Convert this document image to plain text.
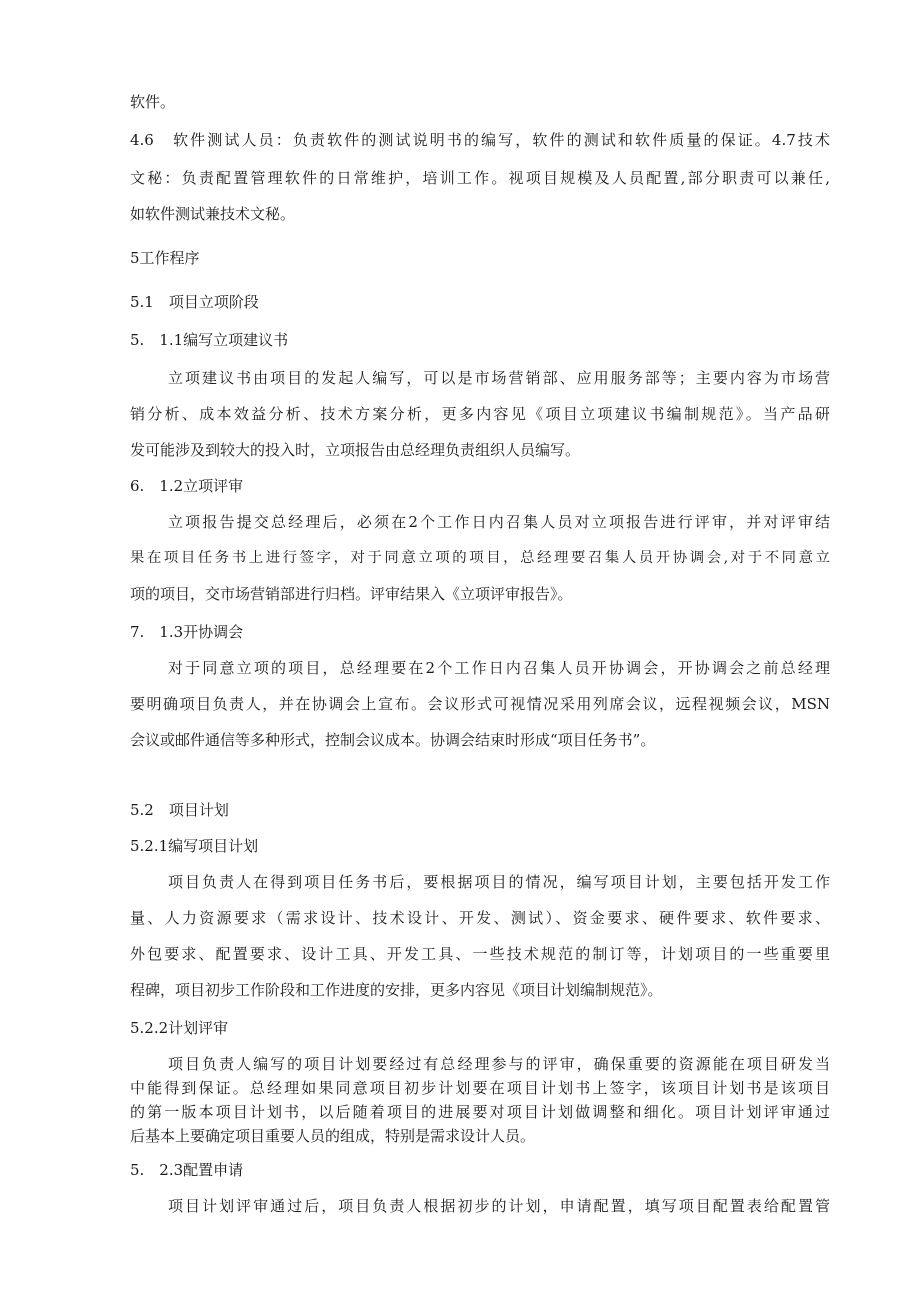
软件。
4.6　软件测试人员：负责软件的测试说明书的编写，软件的测试和软件质量的保证。4.7技术
文秘：负责配置管理软件的日常维护，培训工作。视项目规模及人员配置,部分职责可以兼任,
如软件测试兼技术文秘。
5工作程序
5.1　项目立项阶段
5.　1.1编写立项建议书
立项建议书由项目的发起人编写，可以是市场营销部、应用服务部等；主要内容为市场营
销分析、成本效益分析、技术方案分析，更多内容见《项目立项建议书编制规范》。当产品研
发可能涉及到较大的投入时，立项报告由总经理负责组织人员编写。
6.　1.2立项评审
立项报告提交总经理后，必须在2个工作日内召集人员对立项报告进行评审，并对评审结
果在项目任务书上进行签字，对于同意立项的项目，总经理要召集人员开协调会,对于不同意立
项的项目，交市场营销部进行归档。评审结果入《立项评审报告》。
7.　1.3开协调会
对于同意立项的项目，总经理要在2个工作日内召集人员开协调会，开协调会之前总经理
要明确项目负责人，并在协调会上宣布。会议形式可视情况采用列席会议，远程视频会议，MSN
会议或邮件通信等多种形式，控制会议成本。协调会结束时形成“项目任务书”。
5.2　项目计划
5.2.1编写项目计划
项目负责人在得到项目任务书后，要根据项目的情况，编写项目计划，主要包括开发工作
量、人力资源要求（需求设计、技术设计、开发、测试）、资金要求、硬件要求、软件要求、
外包要求、配置要求、设计工具、开发工具、一些技术规范的制订等，计划项目的一些重要里
程碑，项目初步工作阶段和工作进度的安排，更多内容见《项目计划编制规范》。
5.2.2计划评审
项目负责人编写的项目计划要经过有总经理参与的评审，确保重要的资源能在项目研发当
中能得到保证。总经理如果同意项目初步计划要在项目计划书上签字，该项目计划书是该项目
的第一版本项目计划书，以后随着项目的进展要对项目计划做调整和细化。项目计划评审通过
后基本上要确定项目重要人员的组成，特别是需求设计人员。
5.　2.3配置申请
项目计划评审通过后，项目负责人根据初步的计划，申请配置，填写项目配置表给配置管
